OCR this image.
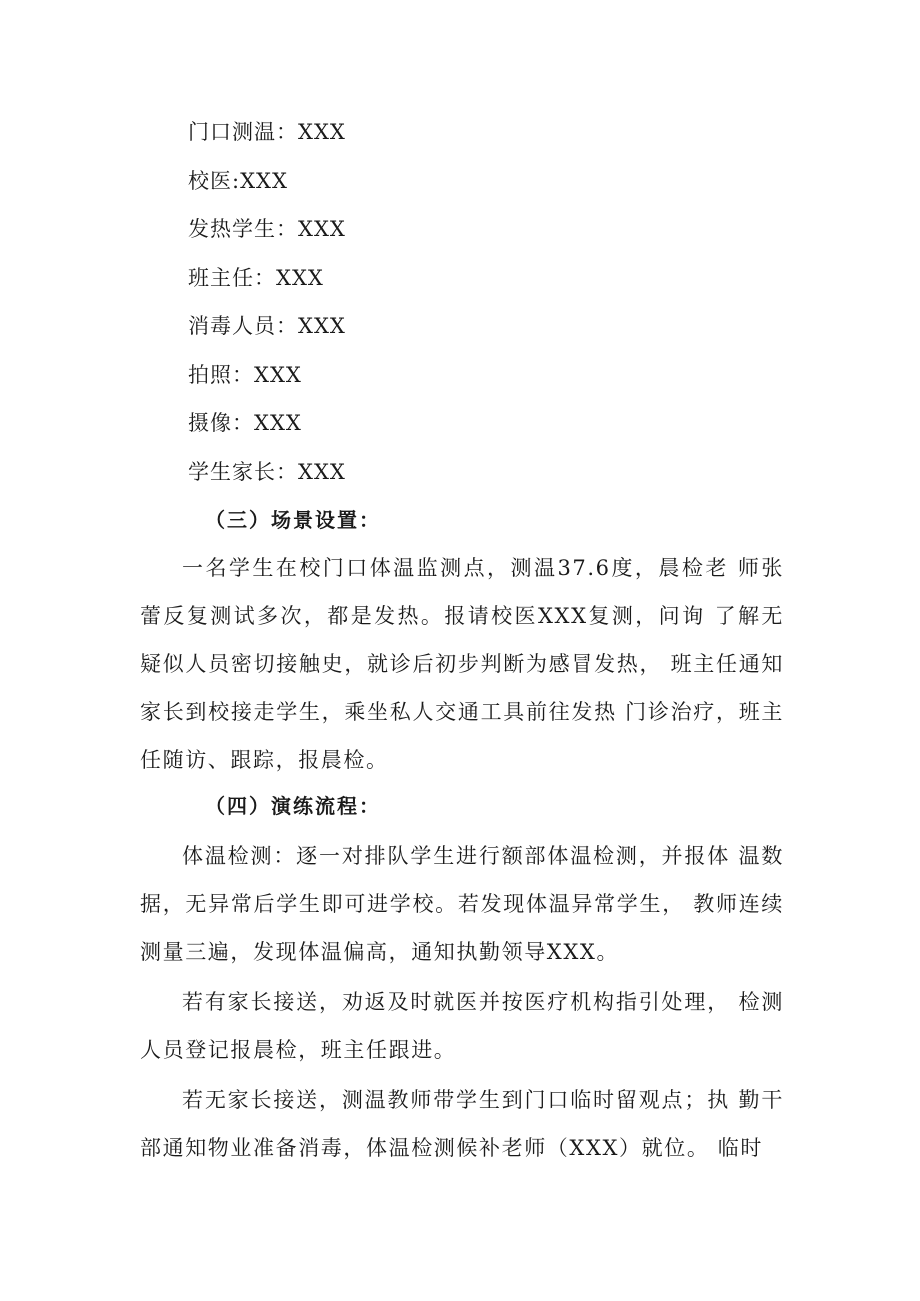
门口测温：XXX
校医:XXX
发热学生：XXX
班主任：XXX
消毒人员：XXX
拍照：XXX
摄像：XXX
学生家长：XXX
（三）场景设置：

一名学生在校门口体温监测点，测温37.6度，晨检老 师张蕾反复测试多次，都是发热。报请校医XXX复测，问询 了解无疑似人员密切接触史，就诊后初步判断为感冒发热， 班主任通知家长到校接走学生，乘坐私人交通工具前往发热 门诊治疗，班主任随访、跟踪，报晨检。

（四）演练流程：

体温检测：逐一对排队学生进行额部体温检测，并报体 温数据，无异常后学生即可进学校。若发现体温异常学生， 教师连续测量三遍，发现体温偏高，通知执勤领导XXX。

若有家长接送，劝返及时就医并按医疗机构指引处理， 检测人员登记报晨检，班主任跟进。

若无家长接送，测温教师带学生到门口临时留观点；执 勤干部通知物业准备消毒，体温检测候补老师（XXX）就位。 临时
